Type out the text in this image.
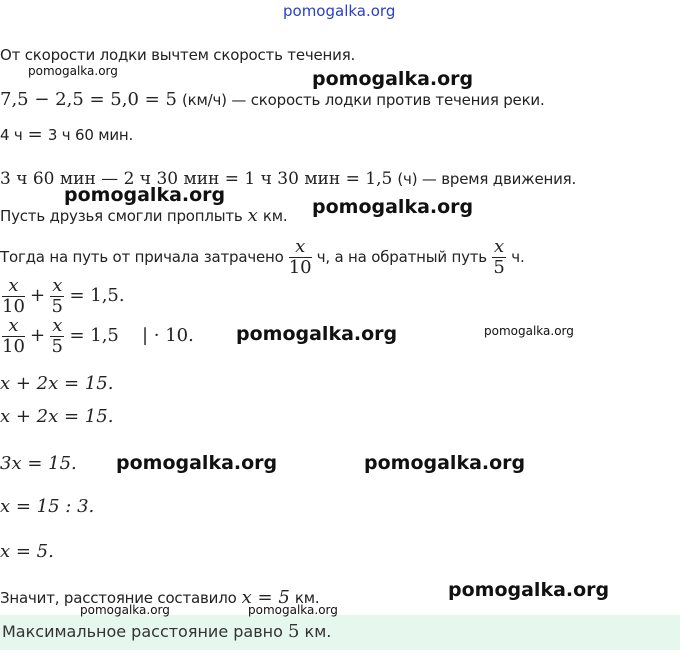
pomogalka.org
От скорости лодки вычтем скорость течения.
pomogalka.org	pomogalka.org
7,5 − 2,5 = 5,0 = 5 (км/ч) — скорость лодки против течения реки.
4 ч = 3 ч 60 мин.
3 ч 60 мин — 2 ч 30 мин = 1 ч 30 мин = 1,5 (ч) — время движения.
pomogalka.org
pomogalka.org
Пусть друзья смогли проплыть x км.
Тогда на путь от причала затрачено $\frac{x}{10} ч$, а на обратный путь $\frac{x}{5} ч$.
$\frac{x}{10} + \frac{x}{5} = 1,5$.
$\frac{x}{10} + \frac{x}{5} = 1,5$ | · 10. pomogalka.org	pomogalka.org
x + 2x = 15.
x + 2x = 15.
3x = 15. pomogalka.org	pomogalka.org
x = 15 : 3.
x = 5.
Значит, расстояние составило x = 5 км.	pomogalka.org
Максимальное расстояние равно 5 км.
pomogalka.org	pomogalka.org
